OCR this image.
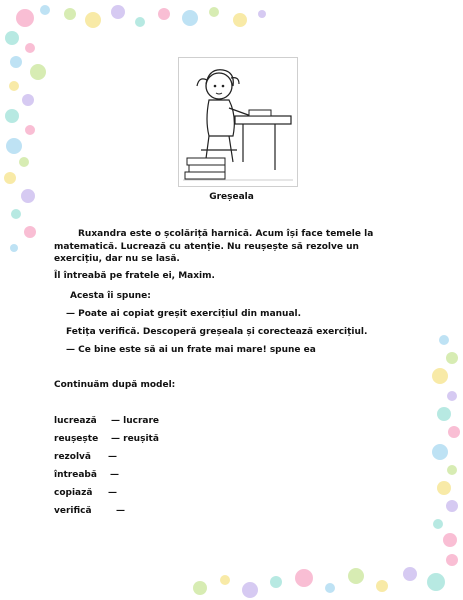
Greșeala
Ruxandra este o școlăriță harnică. Acum își face temele la matematică. Lucrează cu atenție. Nu reușește să rezolve un exercițiu, dar nu se lasă.
Îl întreabă pe fratele ei, Maxim.
Acesta îi spune:
— Poate ai copiat greșit exercițiul din manual.
Fetița verifică. Descoperă greșeala și corectează exercițiul.
— Ce bine este să ai un frate mai mare! spune ea
Continuăm după model:
lucrează — lucrare
reușește — reușită
rezolvă —
întreabă —
copiază —
verifică	—
